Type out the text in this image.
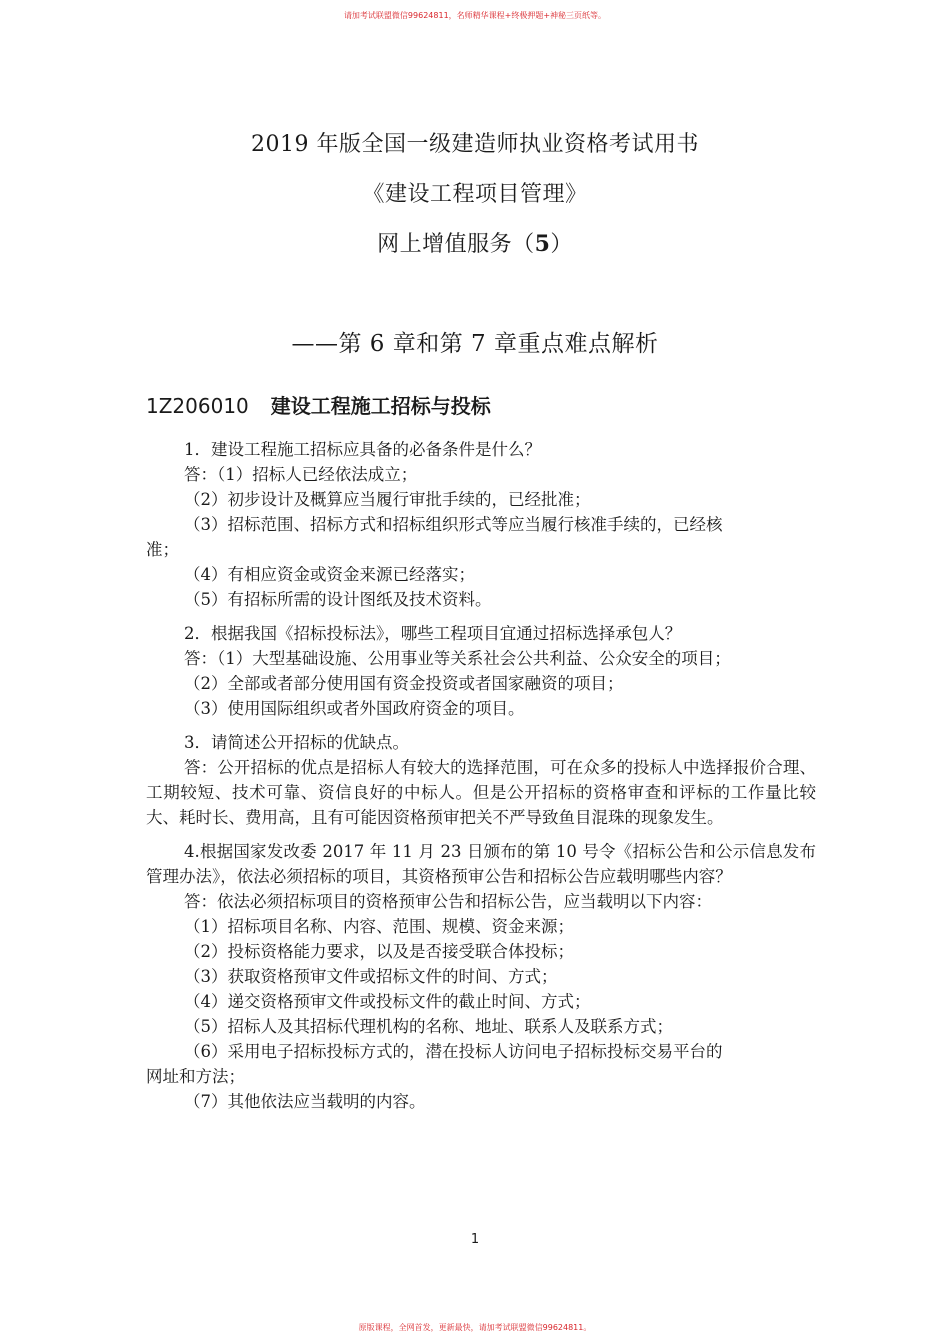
请加考试联盟微信99624811，名师精华课程+终极押题+神秘三页纸等。
2019 年版全国一级建造师执业资格考试用书
《建设工程项目管理》
网上增值服务（5）
——第 6 章和第 7 章重点难点解析
1Z206010 建设工程施工招标与投标

1．建设工程施工招标应具备的必备条件是什么？

答：（1）招标人已经依法成立；

（2）初步设计及概算应当履行审批手续的，已经批准；

（3）招标范围、招标方式和招标组织形式等应当履行核准手续的，已经核

准；

（4）有相应资金或资金来源已经落实；

（5）有招标所需的设计图纸及技术资料。

2．根据我国《招标投标法》，哪些工程项目宜通过招标选择承包人？

答：（1）大型基础设施、公用事业等关系社会公共利益、公众安全的项目；

（2）全部或者部分使用国有资金投资或者国家融资的项目；

（3）使用国际组织或者外国政府资金的项目。

3．请简述公开招标的优缺点。

答：公开招标的优点是招标人有较大的选择范围，可在众多的投标人中选择报价合理、工期较短、技术可靠、资信良好的中标人。但是公开招标的资格审查和评标的工作量比较大、耗时长、费用高，且有可能因资格预审把关不严导致鱼目混珠的现象发生。

4.根据国家发改委 2017 年 11 月 23 日颁布的第 10 号令《招标公告和公示信息发布管理办法》，依法必须招标的项目，其资格预审公告和招标公告应载明哪些内容？

答：依法必须招标项目的资格预审公告和招标公告，应当载明以下内容：

（1）招标项目名称、内容、范围、规模、资金来源；

（2）投标资格能力要求，以及是否接受联合体投标；

（3）获取资格预审文件或招标文件的时间、方式；

（4）递交资格预审文件或投标文件的截止时间、方式；

（5）招标人及其招标代理机构的名称、地址、联系人及联系方式；

（6）采用电子招标投标方式的，潜在投标人访问电子招标投标交易平台的

网址和方法；

（7）其他依法应当载明的内容。

1
原版课程，全网首发，更新最快，请加考试联盟微信99624811。
